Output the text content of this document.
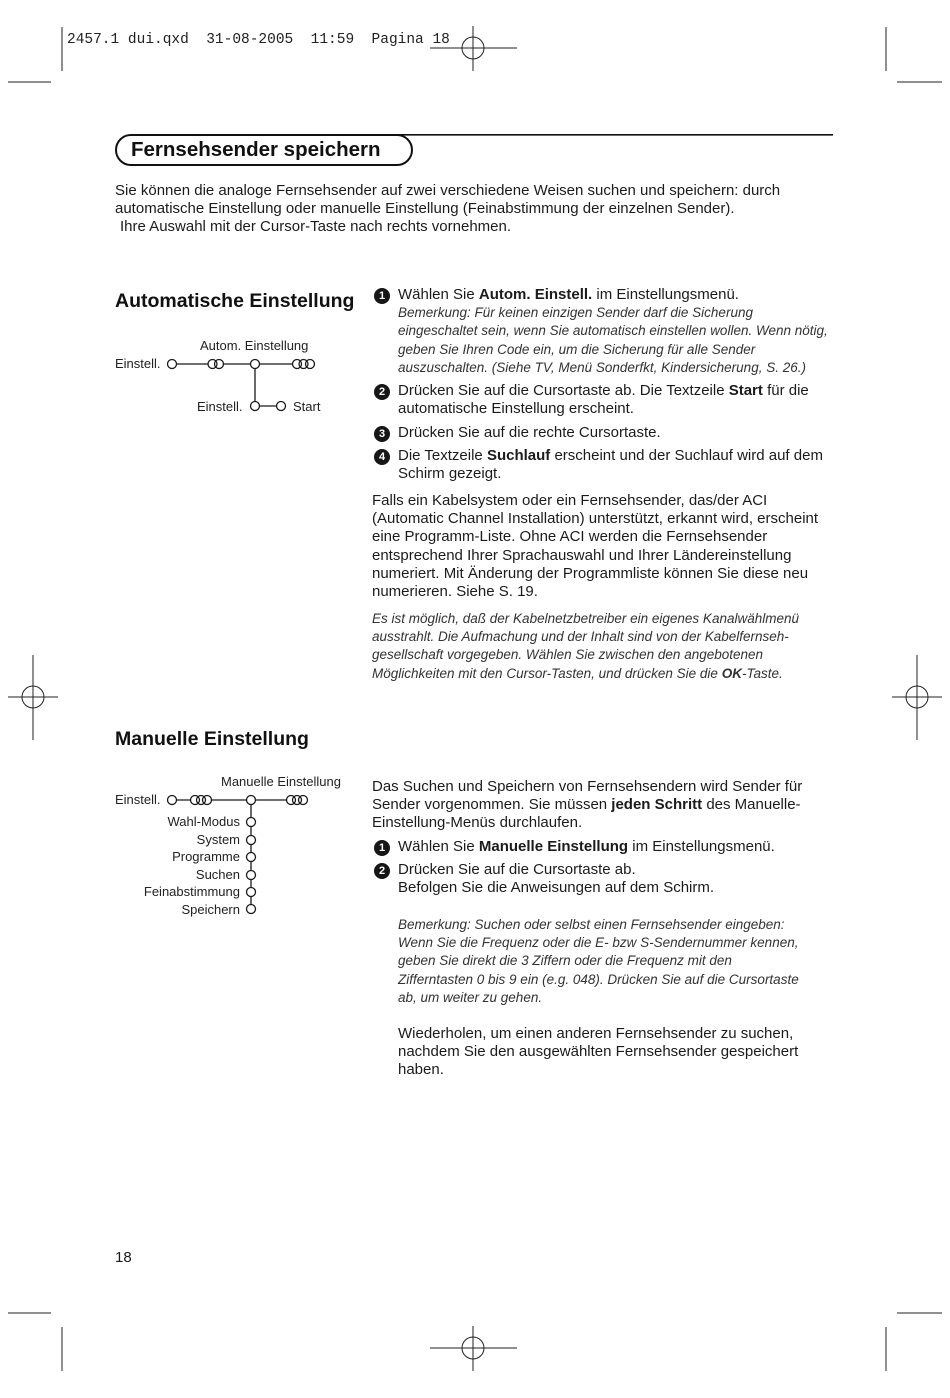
2457.1 dui.qxd  31-08-2005  11:59  Pagina 18
Fernsehsender speichern
Sie können die analoge Fernsehsender auf zwei verschiedene Weisen suchen und speichern: durch
automatische Einstellung oder manuelle Einstellung (Feinabstimmung der einzelnen Sender).
Ihre Auswahl mit der Cursor-Taste nach rechts vornehmen.
Automatische Einstellung
Autom. Einstellung
Einstell.
Einstell.	Start
1 Wählen Sie Autom. Einstell. im Einstellungsmenü.
Bemerkung: Für keinen einzigen Sender darf die Sicherung
eingeschaltet sein, wenn Sie automatisch einstellen wollen. Wenn nötig,
geben Sie Ihren Code ein, um die Sicherung für alle Sender
auszuschalten. (Siehe TV, Menü Sonderfkt, Kindersicherung, S. 26.)
2 Drücken Sie auf die Cursortaste ab. Die Textzeile Start für die
automatische Einstellung erscheint.
3 Drücken Sie auf die rechte Cursortaste.
4 Die Textzeile Suchlauf erscheint und der Suchlauf wird auf dem
Schirm gezeigt.
Falls ein Kabelsystem oder ein Fernsehsender, das/der ACI
(Automatic Channel Installation) unterstützt, erkannt wird, erscheint
eine Programm-Liste. Ohne ACI werden die Fernsehsender
entsprechend Ihrer Sprachauswahl und Ihrer Ländereinstellung
numeriert. Mit Änderung der Programmliste können Sie diese neu
numerieren. Siehe S. 19.
Es ist möglich, daß der Kabelnetzbetreiber ein eigenes Kanalwählmenü
ausstrahlt. Die Aufmachung und der Inhalt sind von der Kabelfernseh-
gesellschaft vorgegeben. Wählen Sie zwischen den angebotenen
Möglichkeiten mit den Cursor-Tasten, und drücken Sie die OK-Taste.
Manuelle Einstellung
Manuelle Einstellung
Einstell.
Wahl-Modus
System
Programme
Suchen
Feinabstimmung
Speichern
Das Suchen und Speichern von Fernsehsendern wird Sender für
Sender vorgenommen. Sie müssen jeden Schritt des Manuelle-
Einstellung-Menüs durchlaufen.
1 Wählen Sie Manuelle Einstellung im Einstellungsmenü.
2 Drücken Sie auf die Cursortaste ab.
Befolgen Sie die Anweisungen auf dem Schirm.
Bemerkung: Suchen oder selbst einen Fernsehsender eingeben:
Wenn Sie die Frequenz oder die E- bzw S-Sendernummer kennen,
geben Sie direkt die 3 Ziffern oder die Frequenz mit den
Zifferntasten 0 bis 9 ein (e.g. 048). Drücken Sie auf die Cursortaste
ab, um weiter zu gehen.
Wiederholen, um einen anderen Fernsehsender zu suchen,
nachdem Sie den ausgewählten Fernsehsender gespeichert
haben.
18
